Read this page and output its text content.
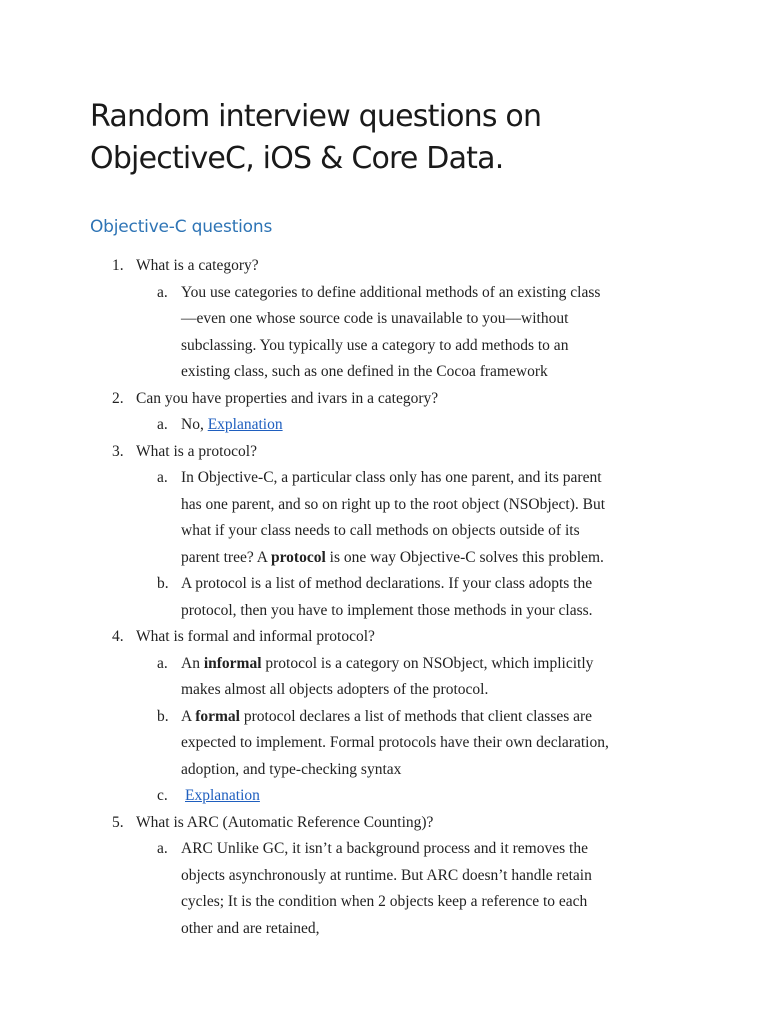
Random interview questions on ObjectiveC, iOS & Core Data.
Objective-C questions
1. What is a category?
a. You use categories to define additional methods of an existing class—even one whose source code is unavailable to you—without subclassing. You typically use a category to add methods to an existing class, such as one defined in the Cocoa framework
2. Can you have properties and ivars in a category?
a. No, Explanation
3. What is a protocol?
a. In Objective-C, a particular class only has one parent, and its parent has one parent, and so on right up to the root object (NSObject). But what if your class needs to call methods on objects outside of its parent tree? A protocol is one way Objective-C solves this problem.
b. A protocol is a list of method declarations. If your class adopts the protocol, then you have to implement those methods in your class.
4. What is formal and informal protocol?
a. An informal protocol is a category on NSObject, which implicitly makes almost all objects adopters of the protocol.
b. A formal protocol declares a list of methods that client classes are expected to implement. Formal protocols have their own declaration, adoption, and type-checking syntax
c. Explanation
5. What is ARC (Automatic Reference Counting)?
a. ARC Unlike GC, it isn’t a background process and it removes the objects asynchronously at runtime. But ARC doesn’t handle retain cycles; It is the condition when 2 objects keep a reference to each other and are retained,
